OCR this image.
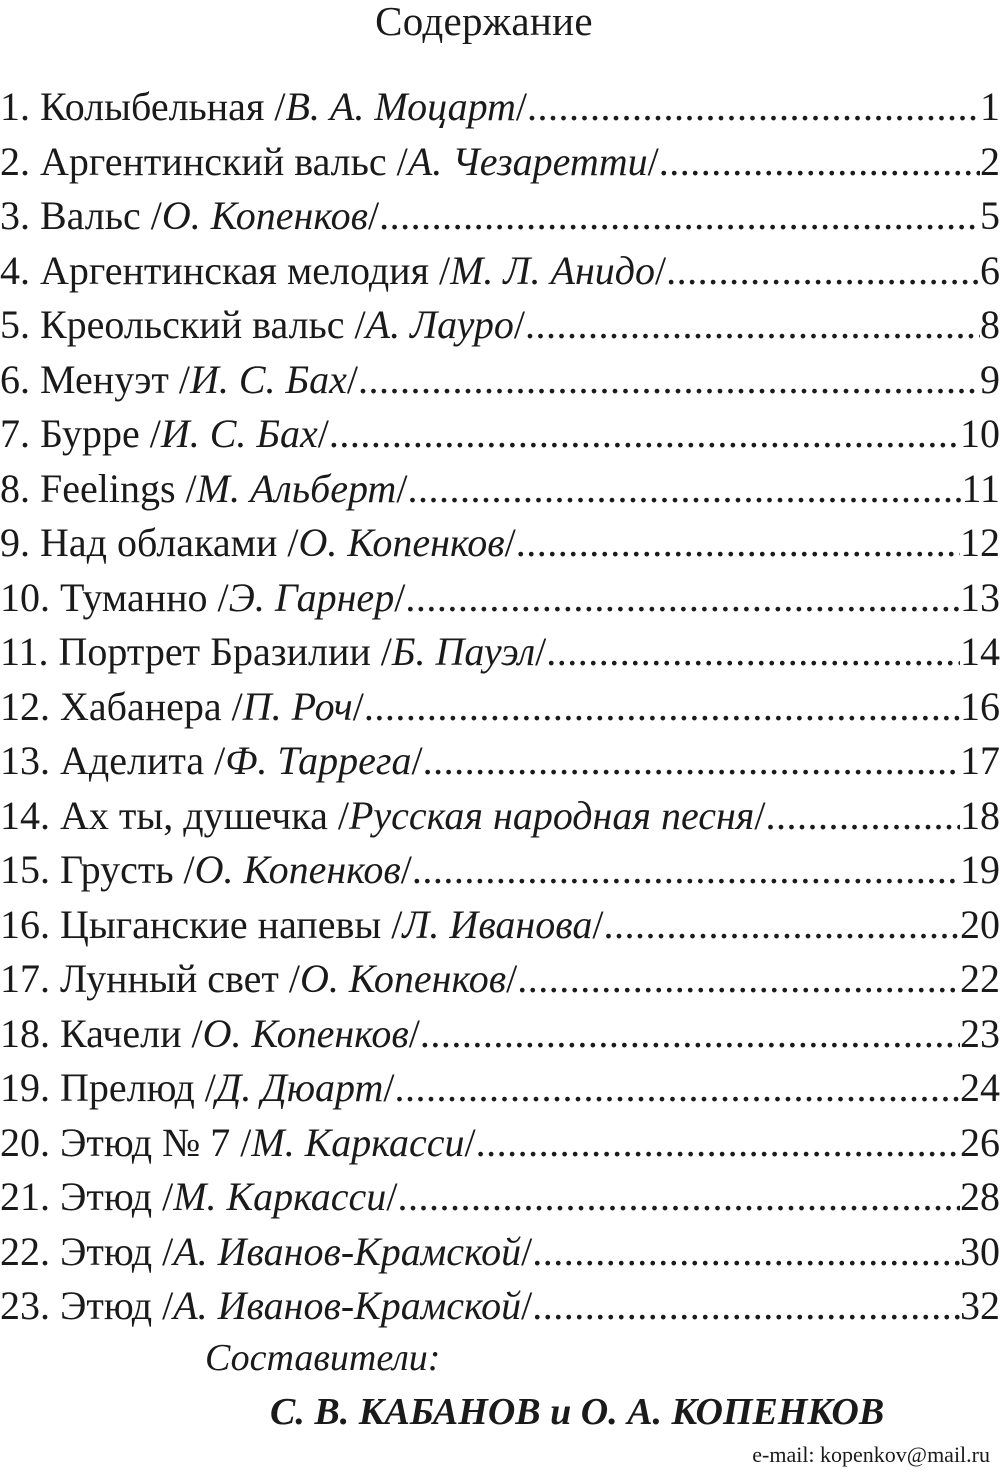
Содержание
1. Колыбельная /В. А. Моцарт/ .....	1
2. Аргентинский вальс /А. Чезаретти/ .....	2
3. Вальс /О. Копенков/ .....	5
4. Аргентинская мелодия /М. Л. Анидо/ .....	6
5. Креольский вальс /А. Лауро/ .....	8
6. Менуэт /И. С. Бах/ .....	9
7. Бурре /И. С. Бах/ .....	10
8. Feelings /М. Альберт/ .....	11
9. Над облаками /О. Копенков/ .....	12
10. Туманно /Э. Гарнер/ .....	13
11. Портрет Бразилии /Б. Пауэл/ .....	14
12. Хабанера /П. Роч/ .....	16
13. Аделита /Ф. Таррега/ .....	17
14. Ах ты, душечка /Русская народная песня/ .....	18
15. Грусть /О. Копенков/ .....	19
16. Цыганские напевы /Л. Иванова/ .....	20
17. Лунный свет /О. Копенков/ .....	22
18. Качели /О. Копенков/ .....	23
19. Прелюд /Д. Дюарт/ .....	24
20. Этюд № 7 /М. Каркасси/ .....	26
21. Этюд /М. Каркасси/ .....	28
22. Этюд /А. Иванов-Крамской/ .....	30
23. Этюд /А. Иванов-Крамской/ .....	32
Составители:
С. В. КАБАНОВ и О. А. КОПЕНКОВ
e-mail: kopenkov@mail.ru
